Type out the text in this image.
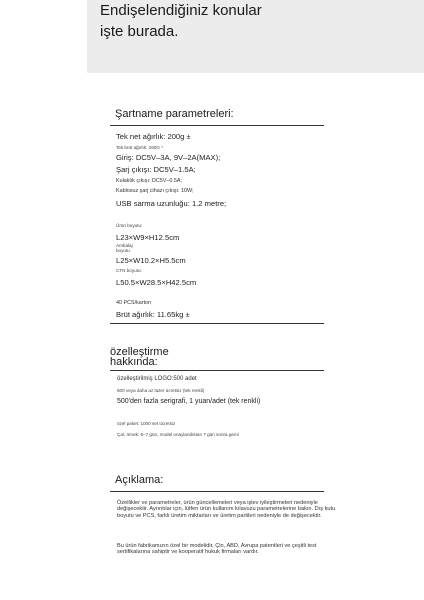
Endişelendiğiniz konular
işte burada.
Şartname parametreleri:
Tek net ağırlık: 200g ±
Tek brüt ağırlık: 260G *
Giriş: DC5V–3A, 9V–2A(MAX);
Şarj çıkışı: DC5V–1.5A;
Kulaklık çıkışı: DC5V–0.5A;
Kablosuz şarj cihazı çıkışı: 10W;
USB sarma uzunluğu: 1.2 metre;
Ürün boyutu:
L23×W9×H12.5cm
Ambalaj
boyutu
L25×W10.2×H5.5cm
CTN boyutu:
L50.5×W28.5×H42.5cm
40 PCS/karton
Brüt ağırlık: 11.65kg ±
özelleştirme
hakkında:
özelleştirilmiş LOGO:500 adet
500 veya daha az lazer ücretsiz (tek renkli)
500'den fazla serigrafi, 1 yuan/adet (tek renkli)
özel paket: 1000 set ücretsiz
Çal, örnek: 5–7 gün, model onaylandıktan 7 gün sonra gemi
Açıklama:
Özellikler ve parametreler, ürün güncellemeleri veya işlev iyileştirmeleri nedeniyle değişecektir. Ayrıntılar için, lütfen ürün kullanım kılavuzu parametrelerine bakın. Dış kutu boyutu ve PCS, farklı üretim miktarları ve üretim partileri nedeniyle de değişecektir.
Bu ürün fabrikamızın özel bir modelidir, Çin, ABD, Avrupa patentleri ve çeşitli test sertifikalarına sahiptir ve kooperatif hukuk firmaları vardır.
